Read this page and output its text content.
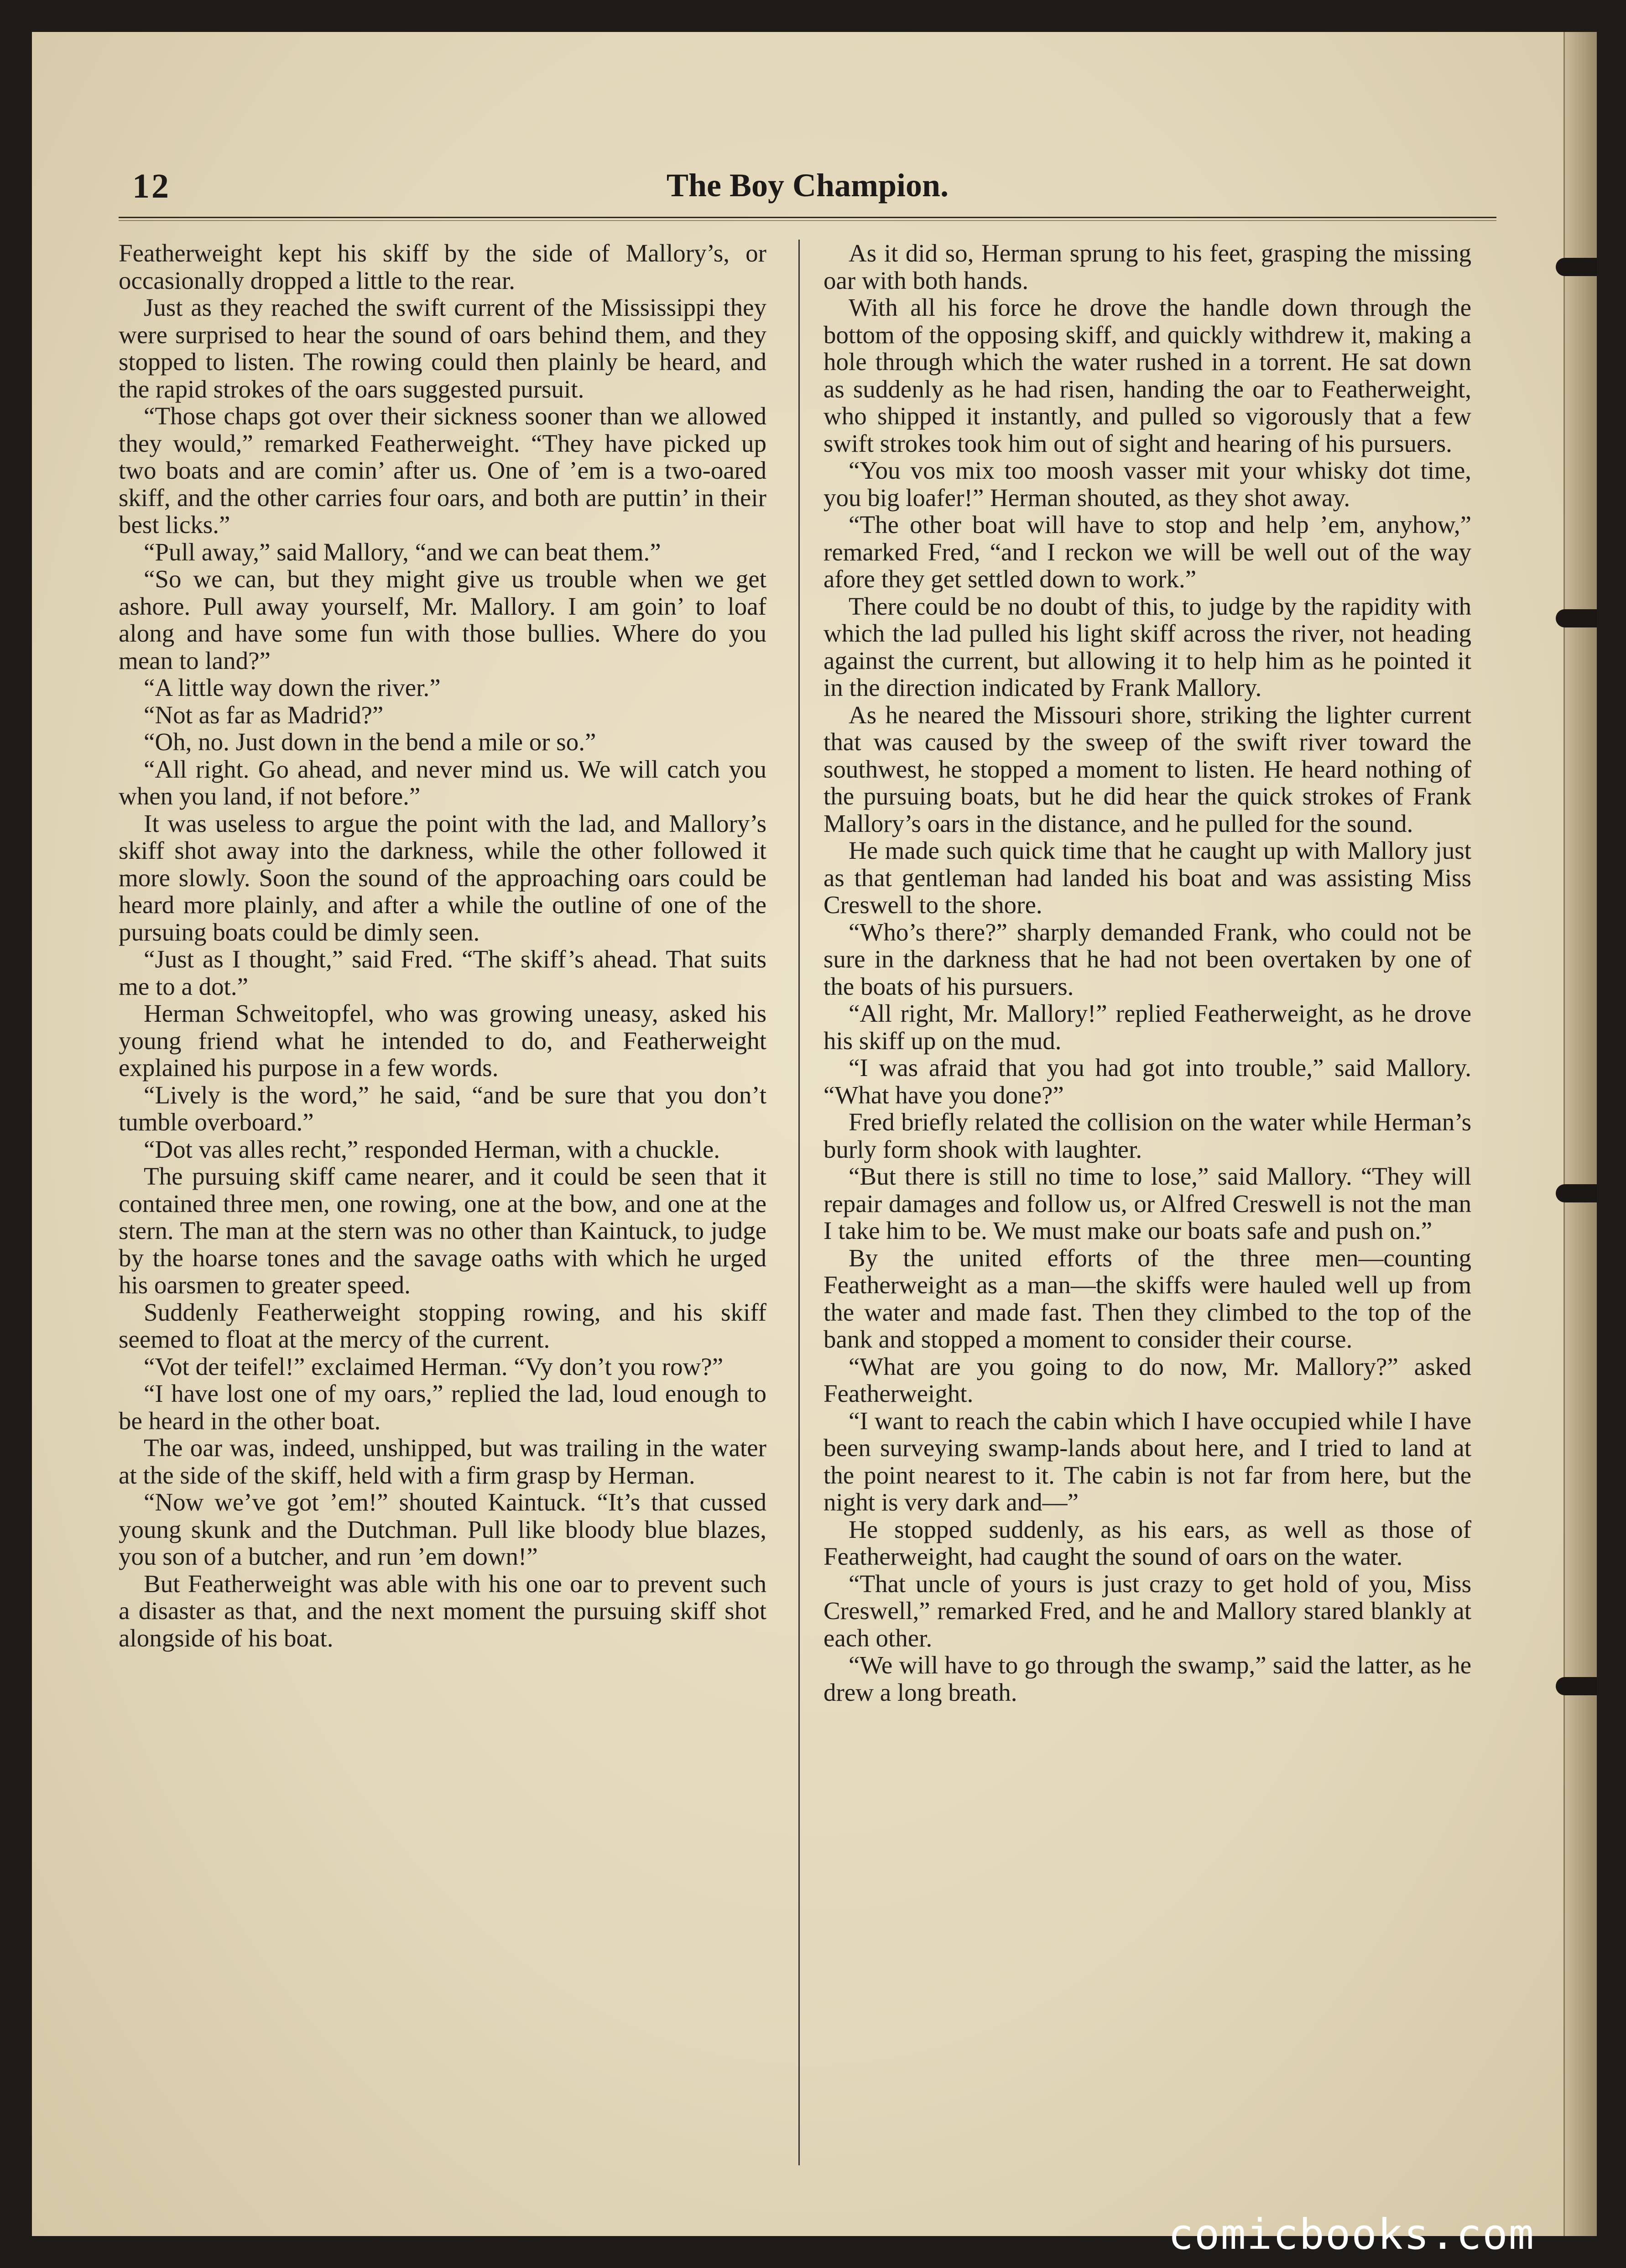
12	The Boy Champion.

Featherweight kept his skiff by the side of Mallory’s, or occasionally dropped a little to the rear.

Just as they reached the swift current of the Mississippi they were surprised to hear the sound of oars behind them, and they stopped to listen. The rowing could then plainly be heard, and the rapid strokes of the oars suggested pursuit.

“Those chaps got over their sickness sooner than we allowed they would,” remarked Featherweight. “They have picked up two boats and are comin’ after us. One of ’em is a two-oared skiff, and the other carries four oars, and both are puttin’ in their best licks.”

“Pull away,” said Mallory, “and we can beat them.”

“So we can, but they might give us trouble when we get ashore. Pull away yourself, Mr. Mallory. I am goin’ to loaf along and have some fun with those bullies. Where do you mean to land?”

“A little way down the river.”

“Not as far as Madrid?”

“Oh, no. Just down in the bend a mile or so.”

“All right. Go ahead, and never mind us. We will catch you when you land, if not before.”

It was useless to argue the point with the lad, and Mallory’s skiff shot away into the darkness, while the other followed it more slowly. Soon the sound of the approaching oars could be heard more plainly, and after a while the outline of one of the pursuing boats could be dimly seen.

“Just as I thought,” said Fred. “The skiff’s ahead. That suits me to a dot.”

Herman Schweitopfel, who was growing uneasy, asked his young friend what he intended to do, and Featherweight explained his purpose in a few words.

“Lively is the word,” he said, “and be sure that you don’t tumble overboard.”

“Dot vas alles recht,” responded Herman, with a chuckle.

The pursuing skiff came nearer, and it could be seen that it contained three men, one rowing, one at the bow, and one at the stern. The man at the stern was no other than Kaintuck, to judge by the hoarse tones and the savage oaths with which he urged his oarsmen to greater speed.

Suddenly Featherweight stopping rowing, and his skiff seemed to float at the mercy of the current.

“Vot der teifel!” exclaimed Herman. “Vy don’t you row?”

“I have lost one of my oars,” replied the lad, loud enough to be heard in the other boat.

The oar was, indeed, unshipped, but was trailing in the water at the side of the skiff, held with a firm grasp by Herman.

“Now we’ve got ’em!” shouted Kaintuck. “It’s that cussed young skunk and the Dutchman. Pull like bloody blue blazes, you son of a butcher, and run ’em down!”

But Featherweight was able with his one oar to prevent such a disaster as that, and the next moment the pursuing skiff shot alongside of his boat.

As it did so, Herman sprung to his feet, grasping the missing oar with both hands.

With all his force he drove the handle down through the bottom of the opposing skiff, and quickly withdrew it, making a hole through which the water rushed in a torrent. He sat down as suddenly as he had risen, handing the oar to Featherweight, who shipped it instantly, and pulled so vigorously that a few swift strokes took him out of sight and hearing of his pursuers.

“You vos mix too moosh vasser mit your whisky dot time, you big loafer!” Herman shouted, as they shot away.

“The other boat will have to stop and help ’em, anyhow,” remarked Fred, “and I reckon we will be well out of the way afore they get settled down to work.”

There could be no doubt of this, to judge by the rapidity with which the lad pulled his light skiff across the river, not heading against the current, but allowing it to help him as he pointed it in the direction indicated by Frank Mallory.

As he neared the Missouri shore, striking the lighter current that was caused by the sweep of the swift river toward the southwest, he stopped a moment to listen. He heard nothing of the pursuing boats, but he did hear the quick strokes of Frank Mallory’s oars in the distance, and he pulled for the sound.

He made such quick time that he caught up with Mallory just as that gentleman had landed his boat and was assisting Miss Creswell to the shore.

“Who’s there?” sharply demanded Frank, who could not be sure in the darkness that he had not been overtaken by one of the boats of his pursuers.

“All right, Mr. Mallory!” replied Featherweight, as he drove his skiff up on the mud.

“I was afraid that you had got into trouble,” said Mallory. “What have you done?”

Fred briefly related the collision on the water while Herman’s burly form shook with laughter.

“But there is still no time to lose,” said Mallory. “They will repair damages and follow us, or Alfred Creswell is not the man I take him to be. We must make our boats safe and push on.”

By the united efforts of the three men—counting Featherweight as a man—the skiffs were hauled well up from the water and made fast. Then they climbed to the top of the bank and stopped a moment to consider their course.

“What are you going to do now, Mr. Mallory?” asked Featherweight.

“I want to reach the cabin which I have occupied while I have been surveying swamp-lands about here, and I tried to land at the point nearest to it. The cabin is not far from here, but the night is very dark and—”

He stopped suddenly, as his ears, as well as those of Featherweight, had caught the sound of oars on the water.

“That uncle of yours is just crazy to get hold of you, Miss Creswell,” remarked Fred, and he and Mallory stared blankly at each other.

“We will have to go through the swamp,” said the latter, as he drew a long breath.

comicbooks.com
